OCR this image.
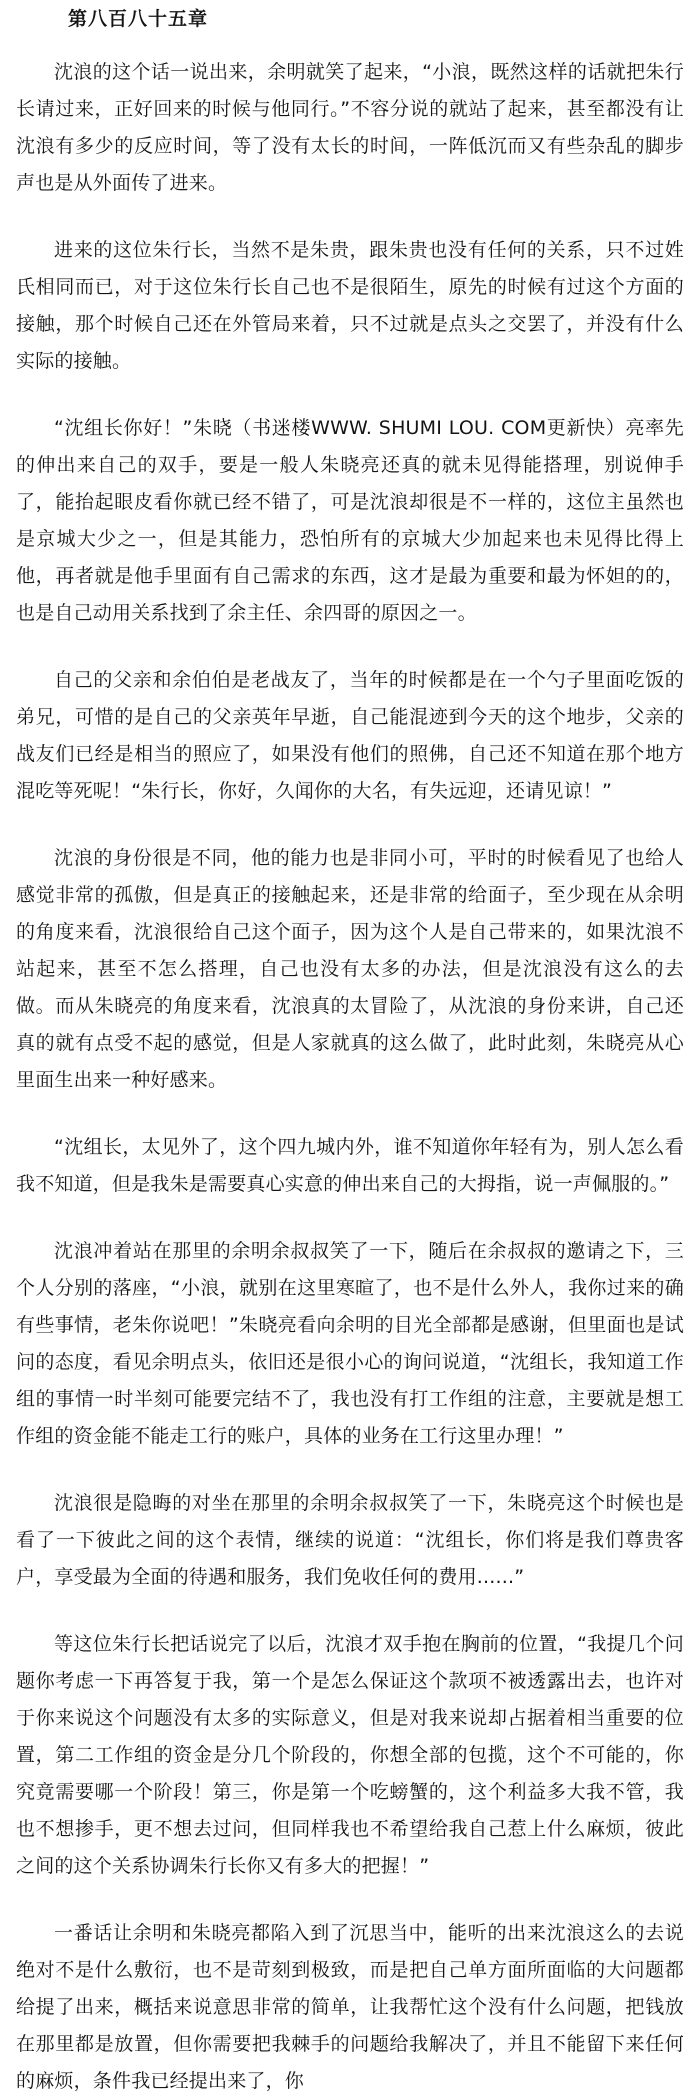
第八百八十五章

沈浪的这个话一说出来，余明就笑了起来，“小浪，既然这样的话就把朱行长请过来，正好回来的时候与他同行。”不容分说的就站了起来，甚至都没有让沈浪有多少的反应时间，等了没有太长的时间，一阵低沉而又有些杂乱的脚步声也是从外面传了进来。

进来的这位朱行长，当然不是朱贵，跟朱贵也没有任何的关系，只不过姓氏相同而已，对于这位朱行长自己也不是很陌生，原先的时候有过这个方面的接触，那个时候自己还在外管局来着，只不过就是点头之交罢了，并没有什么实际的接触。

“沈组长你好！”朱晓（书迷楼WWW. SHUMI LOU. COM更新快）亮率先的伸出来自己的双手，要是一般人朱晓亮还真的就未见得能搭理，别说伸手了，能抬起眼皮看你就已经不错了，可是沈浪却很是不一样的，这位主虽然也是京城大少之一，但是其能力，恐怕所有的京城大少加起来也未见得比得上他，再者就是他手里面有自己需求的东西，这才是最为重要和最为怀妲的的，也是自己动用关系找到了余主任、余四哥的原因之一。

自己的父亲和余伯伯是老战友了，当年的时候都是在一个勺子里面吃饭的弟兄，可惜的是自己的父亲英年早逝，自己能混迹到今天的这个地步，父亲的战友们已经是相当的照应了，如果没有他们的照佛，自己还不知道在那个地方混吃等死呢！“朱行长，你好，久闻你的大名，有失远迎，还请见谅！”

沈浪的身份很是不同，他的能力也是非同小可，平时的时候看见了也给人感觉非常的孤傲，但是真正的接触起来，还是非常的给面子，至少现在从余明的角度来看，沈浪很给自己这个面子，因为这个人是自己带来的，如果沈浪不站起来，甚至不怎么搭理，自己也没有太多的办法，但是沈浪没有这么的去做。而从朱晓亮的角度来看，沈浪真的太冒险了，从沈浪的身份来讲，自己还真的就有点受不起的感觉，但是人家就真的这么做了，此时此刻，朱晓亮从心里面生出来一种好感来。

“沈组长，太见外了，这个四九城内外，谁不知道你年轻有为，别人怎么看我不知道，但是我朱是需要真心实意的伸出来自己的大拇指，说一声佩服的。”

沈浪冲着站在那里的余明余叔叔笑了一下，随后在余叔叔的邀请之下，三个人分别的落座，“小浪，就别在这里寒暄了，也不是什么外人，我你过来的确有些事情，老朱你说吧！”朱晓亮看向余明的目光全部都是感谢，但里面也是试问的态度，看见余明点头，依旧还是很小心的询问说道，“沈组长，我知道工作组的事情一时半刻可能要完结不了，我也没有打工作组的注意，主要就是想工作组的资金能不能走工行的账户，具体的业务在工行这里办理！”

沈浪很是隐晦的对坐在那里的余明余叔叔笑了一下，朱晓亮这个时候也是看了一下彼此之间的这个表情，继续的说道：“沈组长，你们将是我们尊贵客户，享受最为全面的待遇和服务，我们免收任何的费用......”

等这位朱行长把话说完了以后，沈浪才双手抱在胸前的位置，“我提几个问题你考虑一下再答复于我，第一个是怎么保证这个款项不被透露出去，也许对于你来说这个问题没有太多的实际意义，但是对我来说却占据着相当重要的位置，第二工作组的资金是分几个阶段的，你想全部的包揽，这个不可能的，你究竟需要哪一个阶段！第三，你是第一个吃螃蟹的，这个利益多大我不管，我也不想掺手，更不想去过问，但同样我也不希望给我自己惹上什么麻烦，彼此之间的这个关系协调朱行长你又有多大的把握！”

一番话让余明和朱晓亮都陷入到了沉思当中，能听的出来沈浪这么的去说绝对不是什么敷衍，也不是苛刻到极致，而是把自己单方面所面临的大问题都给提了出来，概括来说意思非常的简单，让我帮忙这个没有什么问题，把钱放在那里都是放置，但你需要把我棘手的问题给我解决了，并且不能留下来任何的麻烦，条件我已经提出来了，你
